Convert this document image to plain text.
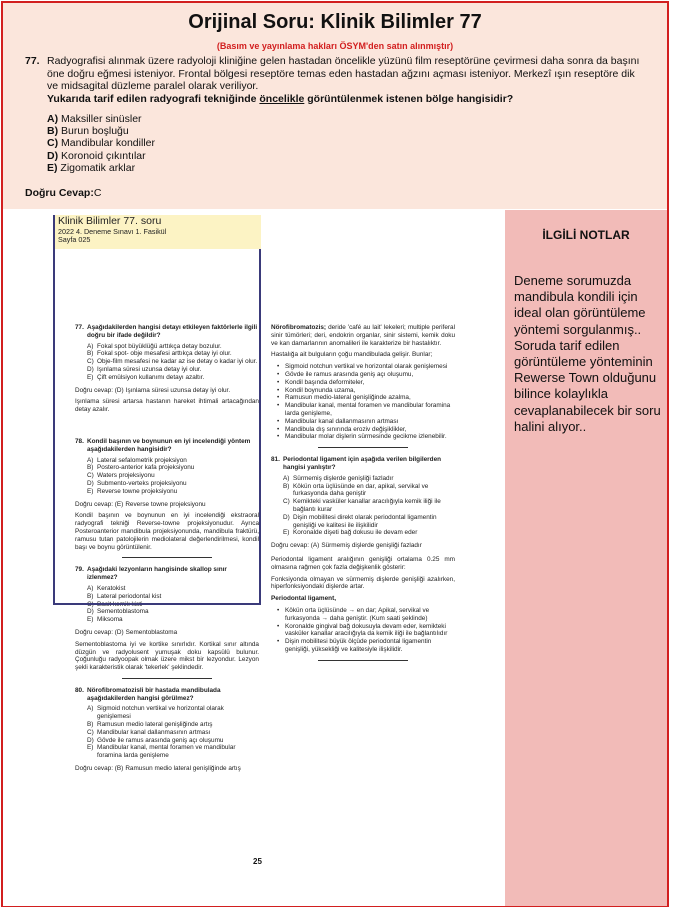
Orijinal Soru: Klinik Bilimler 77
(Basım ve yayınlama hakları ÖSYM'den satın alınmıştır)
77. Radyografisi alınmak üzere radyoloji kliniğine gelen hastadan öncelikle yüzünü film reseptörüne çevirmesi daha sonra da başını öne doğru eğmesi isteniyor. Frontal bölgesi reseptöre temas eden hastadan ağzını açması isteniyor. Merkezî ışın reseptöre dik ve midsagital düzleme paralel olarak veriliyor.

Yukarıda tarif edilen radyografi tekniğinde öncelikle görüntülenmek istenen bölge hangisidir?

A) Maksiller sinüsler
B) Burun boşluğu
C) Mandibular kondiller
D) Koronoid çıkıntılar
E) Zigomatik arklar
Doğru Cevap:C
İLGİLİ NOTLAR

Deneme sorumuzda mandibula kondili için ideal olan görüntüleme yöntemi sorgulanmış.. Soruda tarif edilen görüntüleme yönteminin Rewerse Town olduğunu bilince kolaylıkla cevaplanabilecek bir soru halini alıyor..

77. Aşağıdakilerden hangisi detayı etkileyen faktörlerle ilgili doğru bir ifade değildir?
A) Fokal spot büyüklüğü arttıkça detay bozulur.
B) Fokal spot- obje mesafesi arttıkça detay iyi olur.
C) Obje-film mesafesi ne kadar az ise detay o kadar iyi olur.
D) Işınlama süresi uzunsa detay iyi olur.
E) Çift emülsiyon kullanımı detayı azaltır.
Doğru cevap: (D) Işınlama süresi uzunsa detay iyi olur.

Işınlama süresi artarsa hastanın hareket ihtimali artacağından detay azalır.

78. Kondil başının ve boynunun en iyi incelendiği yöntem aşağıdakilerden hangisidir?
A) Lateral sefalometrik projeksiyon
B) Postero-anterior kafa projeksiyonu
C) Waters projeksiyonu
D) Submento-verteks projeksiyonu
E) Reverse towne projeksiyonu
Doğru cevap: (E) Reverse towne projeksiyonu

Kondil başının ve boynunun en iyi incelendiği ekstraoral radyografi tekniği Reverse-towne projeksiyonudur. Ayrıca Posteroanterior mandibula projeksiyonunda, mandibula fraktürü, ramusu tutan patolojilerin mediolateral değerlendirilmesi, kondil başı ve boynu görüntülenir.

79. Aşağıdaki lezyonların hangisinde skallop sınır izlenmez?
A) Keratokist
B) Lateral periodontal kist
C) Basit kemik kisti
D) Sementoblastoma
E) Miksoma
Doğru cevap: (D) Sementoblastoma

Sementoblastoma iyi ve kortike sınırlıdır. Kortikal sınır altında düzgün ve radyolusent yumuşak doku kapsülü bulunur. Çoğunluğu radyoopak olmak üzere mikst bir lezyondur. Lezyon şekli karakteristik olarak 'tekerlek' şeklindedir.

80. Nörofibromatozisli bir hastada mandibulada aşağıdakilerden hangisi görülmez?
A) Sigmoid notchun vertikal ve horizontal olarak genişlemesi
B) Ramusun medio lateral genişliğinde artış
C) Mandibular kanal dallanmasının artması
D) Gövde ile ramus arasında geniş açı oluşumu
E) Mandibular kanal, mental foramen ve mandibular foramina larda genişleme
Doğru cevap: (B) Ramusun medio lateral genişliğinde artış

Nörofibromatozis; deride 'café au lait' lekeleri; multiple periferal sinir tümörleri; deri, endokrin organlar, sinir sistemi, kemik doku ve kan damarlarının anomalileri ile karakterize bir hastalıktır.

Hastalığa ait bulguların çoğu mandibulada gelişir. Bunlar;

• Sigmoid notchun vertikal ve horizontal olarak genişlemesi
• Gövde ile ramus arasında geniş açı oluşumu,
• Kondil başında deformiteler,
• Kondil boynunda uzama,
• Ramusun medio-lateral genişliğinde azalma,
• Mandibular kanal, mental foramen ve mandibular foramina larda genişleme,
• Mandibular kanal dallanmasının artması
• Mandibula dış sınırında eroziv değişiklikler,
• Mandibular molar dişlerin sürmesinde gecikme izlenebilir.
81. Periodontal ligament için aşağıda verilen bilgilerden hangisi yanlıştır?
A) Sürmemiş dişlerde genişliği fazladır
B) Kökün orta üçlüsünde en dar, apikal, servikal ve furkasyonda daha geniştir
C) Kemikteki vasküler kanallar aracılığıyla kemik iliği ile bağlantı kurar
D) Dişin mobilitesi direkt olarak periodontal ligamentin genişliği ve kalitesi ile ilişkilidir
E) Koronalde dişeti bağ dokusu ile devam eder
Doğru cevap: (A) Sürmemiş dişlerde genişliği fazladır

Periodontal ligament aralığının genişliği ortalama 0.25 mm olmasına rağmen çok fazla değişkenlik gösterir:

Fonksiyonda olmayan ve sürmemiş dişlerde genişliği azalırken, hiperfonksiyondaki dişlerde artar.

Periodontal ligament,

• Kökün orta üçlüsünde → en dar; Apikal, servikal ve furkasyonda → daha geniştir. (Kum saati şeklinde)
• Koronalde gingival bağ dokusuyla devam eder, kemikteki vasküler kanallar aracılığıyla da kemik iliği ile bağlantılıdır
• Dişin mobilitesi büyük ölçüde periodontal ligamentin genişliği, yüksekliği ve kalitesiyle ilişkilidir.
25
Klinik Bilimler 77. soru
2022 4. Deneme Sınavı 1. Fasikül
Sayfa 025
